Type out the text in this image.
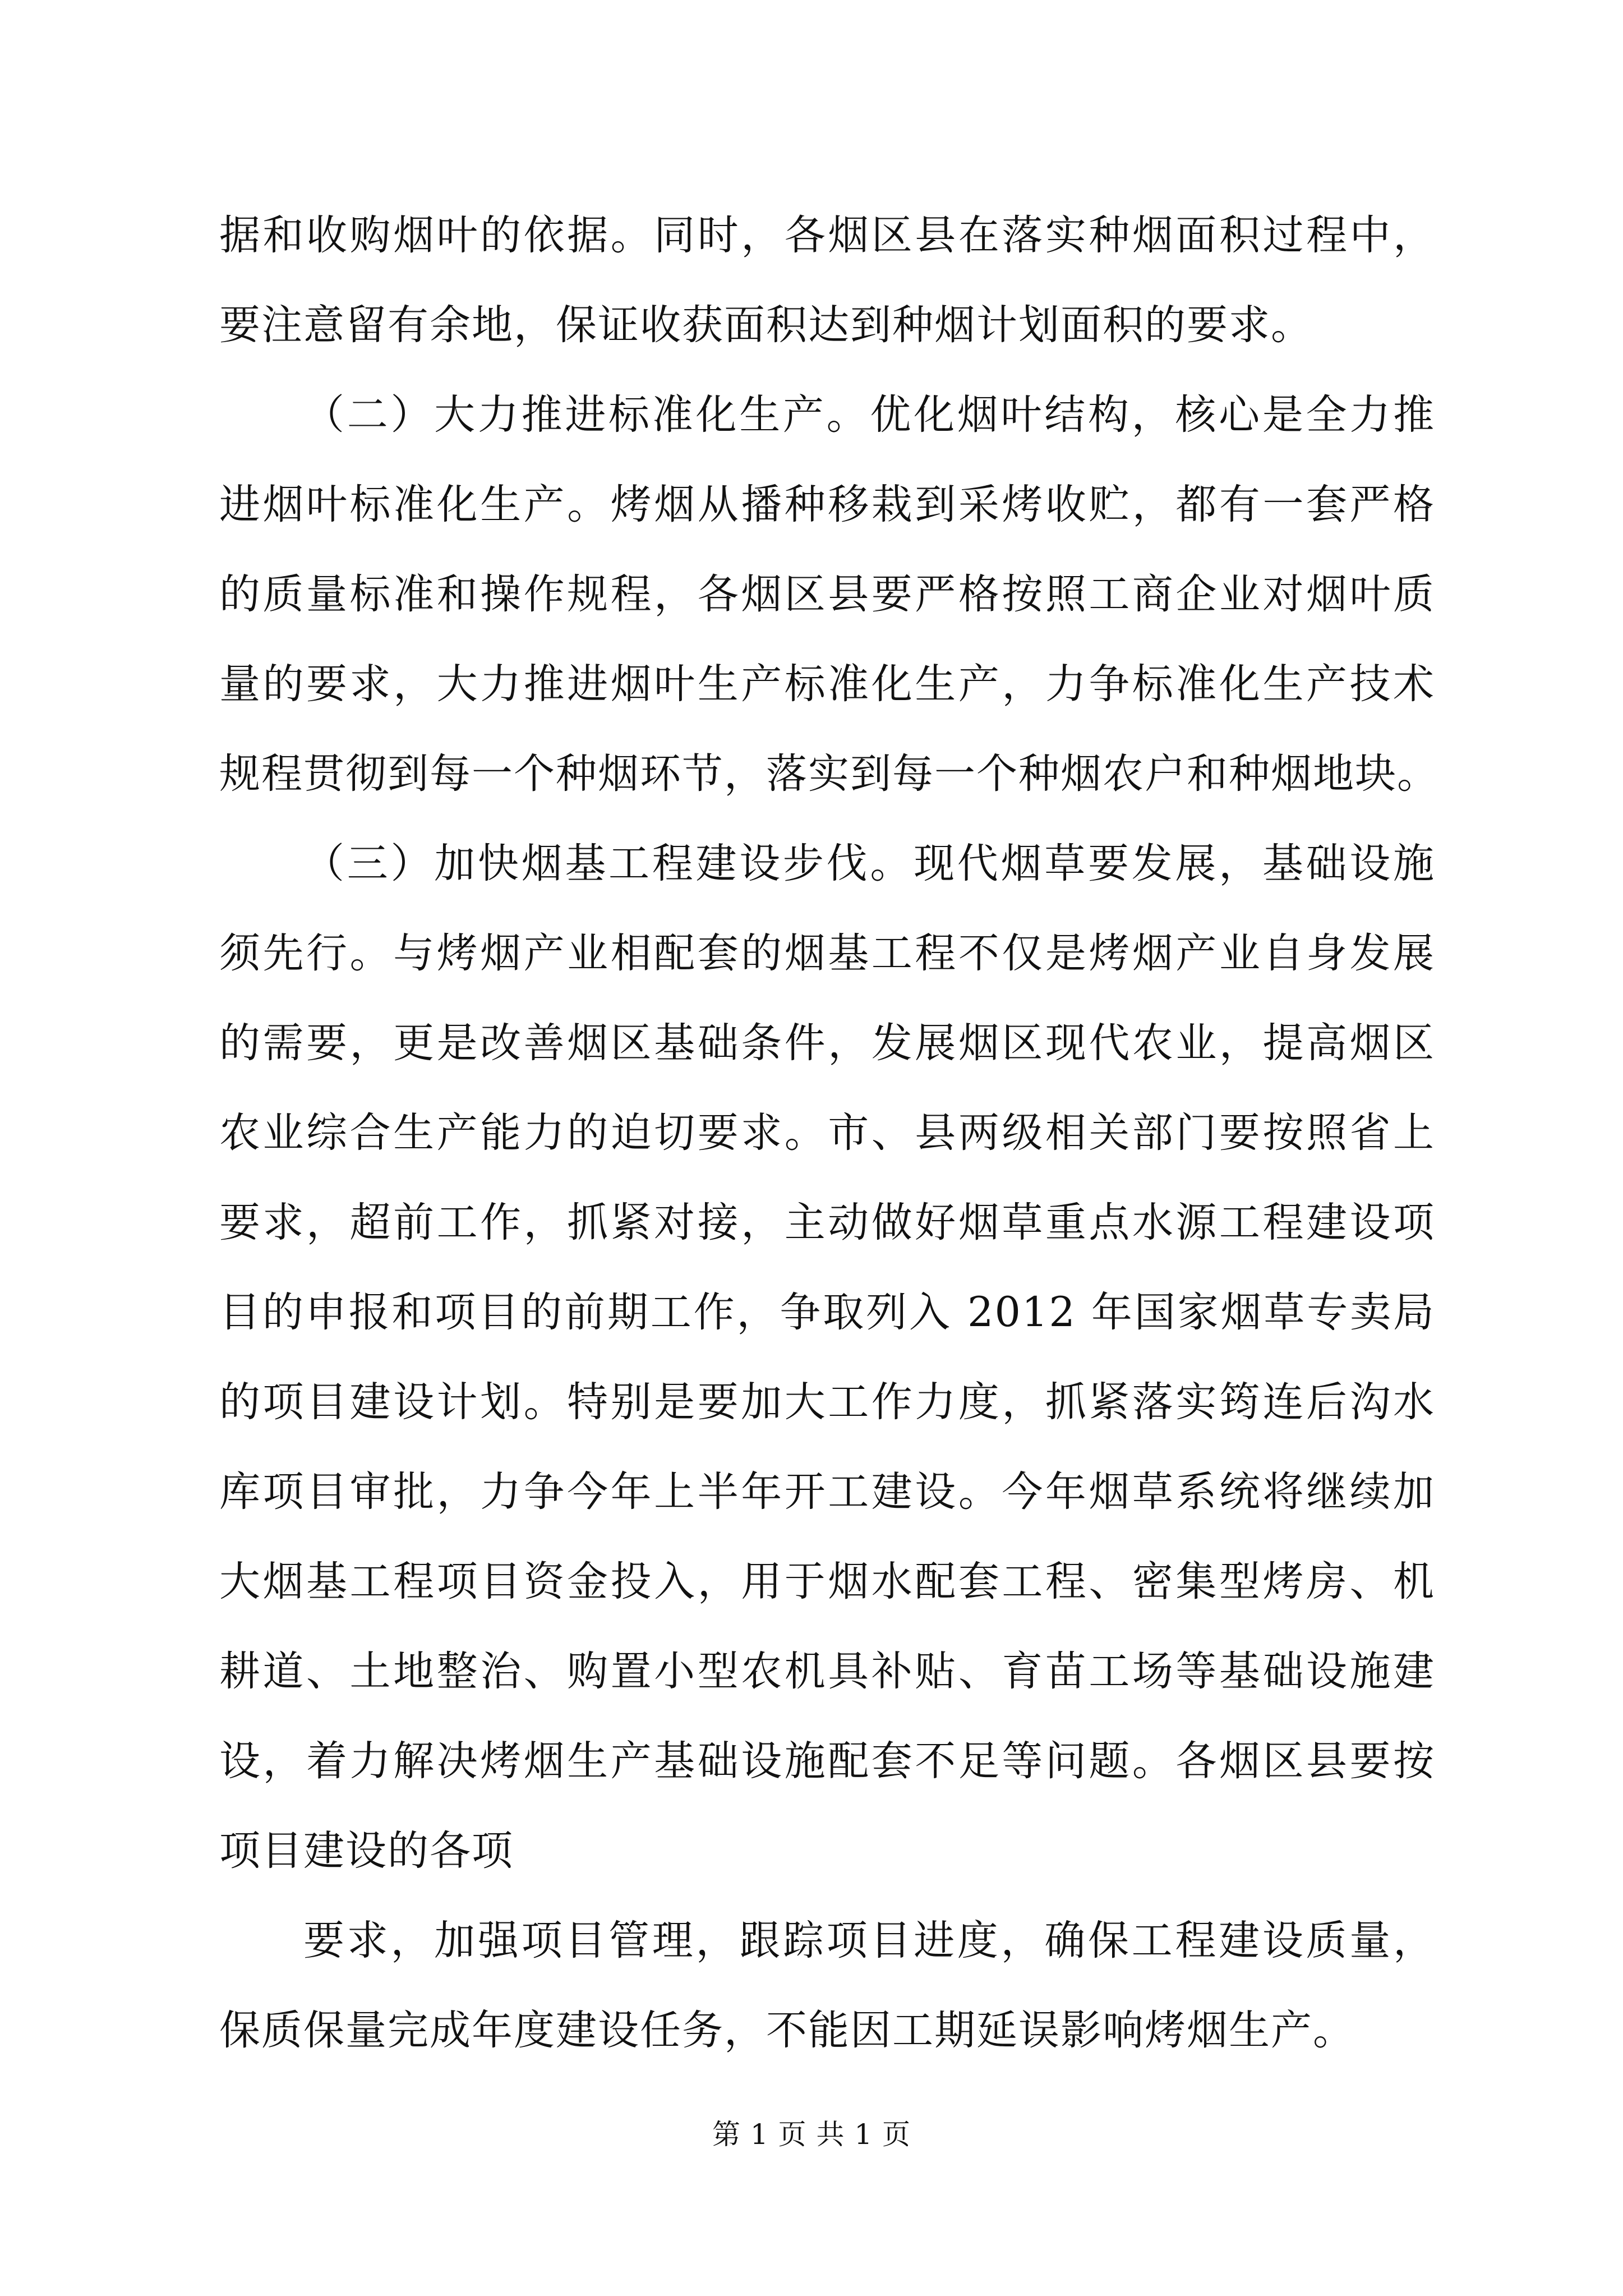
据和收购烟叶的依据。同时，各烟区县在落实种烟面积过程中，
要注意留有余地，保证收获面积达到种烟计划面积的要求。
（二）大力推进标准化生产。优化烟叶结构，核心是全力推
进烟叶标准化生产。烤烟从播种移栽到采烤收贮，都有一套严格
的质量标准和操作规程，各烟区县要严格按照工商企业对烟叶质
量的要求，大力推进烟叶生产标准化生产，力争标准化生产技术
规程贯彻到每一个种烟环节，落实到每一个种烟农户和种烟地块。
（三）加快烟基工程建设步伐。现代烟草要发展，基础设施
须先行。与烤烟产业相配套的烟基工程不仅是烤烟产业自身发展
的需要，更是改善烟区基础条件，发展烟区现代农业，提高烟区
农业综合生产能力的迫切要求。市、县两级相关部门要按照省上
要求，超前工作，抓紧对接，主动做好烟草重点水源工程建设项
目的申报和项目的前期工作，争取列入 2012 年国家烟草专卖局
的项目建设计划。特别是要加大工作力度，抓紧落实筠连后沟水
库项目审批，力争今年上半年开工建设。今年烟草系统将继续加
大烟基工程项目资金投入，用于烟水配套工程、密集型烤房、机
耕道、土地整治、购置小型农机具补贴、育苗工场等基础设施建
设，着力解决烤烟生产基础设施配套不足等问题。各烟区县要按
项目建设的各项
要求，加强项目管理，跟踪项目进度，确保工程建设质量，
保质保量完成年度建设任务，不能因工期延误影响烤烟生产。
第 1 页 共 1 页
